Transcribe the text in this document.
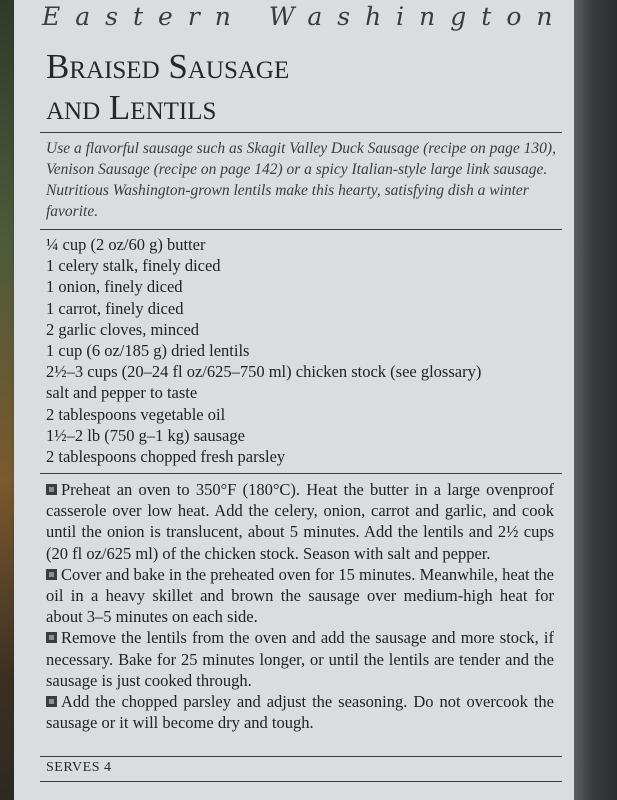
Eastern Washington
Braised Sausage
and Lentils
Use a flavorful sausage such as Skagit Valley Duck Sausage (recipe on page 130), Venison Sausage (recipe on page 142) or a spicy Italian-style large link sausage. Nutritious Washington-grown lentils make this hearty, satisfying dish a winter favorite.
¼ cup (2 oz/60 g) butter
1 celery stalk, finely diced
1 onion, finely diced
1 carrot, finely diced
2 garlic cloves, minced
1 cup (6 oz/185 g) dried lentils
2½–3 cups (20–24 fl oz/625–750 ml) chicken stock (see glossary)
salt and pepper to taste
2 tablespoons vegetable oil
1½–2 lb (750 g–1 kg) sausage
2 tablespoons chopped fresh parsley

Preheat an oven to 350°F (180°C). Heat the butter in a large ovenproof casserole over low heat. Add the celery, onion, carrot and garlic, and cook until the onion is translucent, about 5 minutes. Add the lentils and 2½ cups (20 fl oz/625 ml) of the chicken stock. Season with salt and pepper.

Cover and bake in the preheated oven for 15 minutes. Meanwhile, heat the oil in a heavy skillet and brown the sausage over medium-high heat for about 3–5 minutes on each side.

Remove the lentils from the oven and add the sausage and more stock, if necessary. Bake for 25 minutes longer, or until the lentils are tender and the sausage is just cooked through.

Add the chopped parsley and adjust the seasoning. Do not overcook the sausage or it will become dry and tough.

SERVES 4
